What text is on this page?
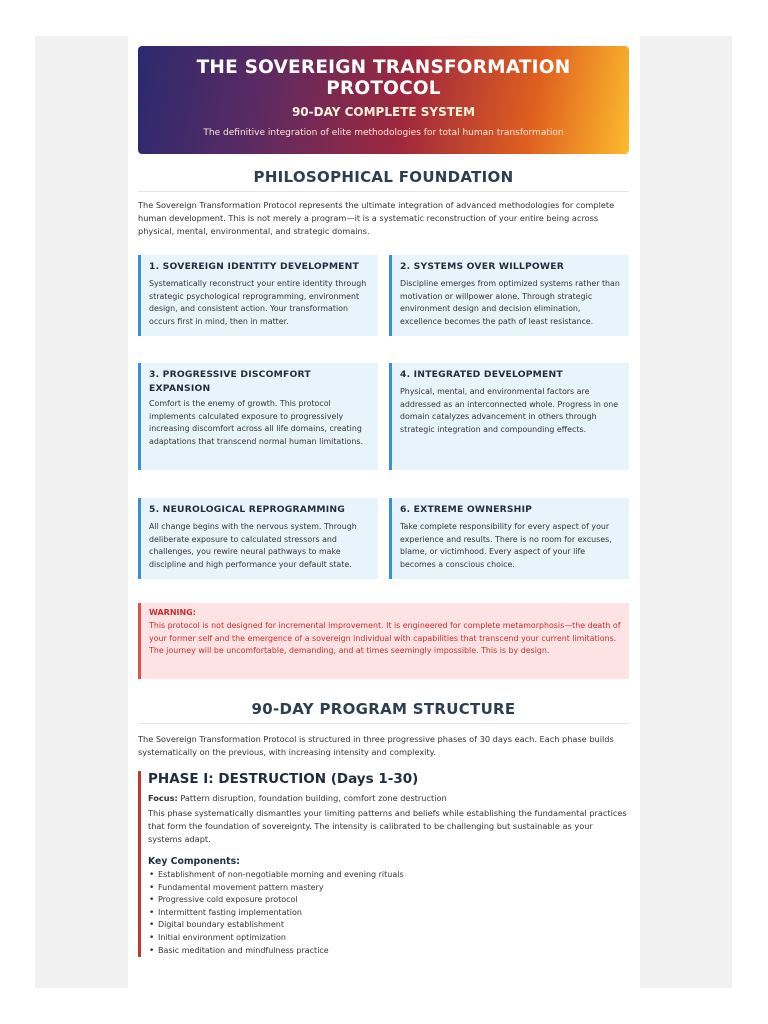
THE SOVEREIGN TRANSFORMATION PROTOCOL
90-DAY COMPLETE SYSTEM

The definitive integration of elite methodologies for total human transformation

PHILOSOPHICAL FOUNDATION

The Sovereign Transformation Protocol represents the ultimate integration of advanced methodologies for complete human development. This is not merely a program—it is a systematic reconstruction of your entire being across physical, mental, environmental, and strategic domains.

1. SOVEREIGN IDENTITY DEVELOPMENT

Systematically reconstruct your entire identity through strategic psychological reprogramming, environment design, and consistent action. Your transformation occurs first in mind, then in matter.

2. SYSTEMS OVER WILLPOWER

Discipline emerges from optimized systems rather than motivation or willpower alone. Through strategic environment design and decision elimination, excellence becomes the path of least resistance.

3. PROGRESSIVE DISCOMFORT EXPANSION

Comfort is the enemy of growth. This protocol implements calculated exposure to progressively increasing discomfort across all life domains, creating adaptations that transcend normal human limitations.

4. INTEGRATED DEVELOPMENT

Physical, mental, and environmental factors are addressed as an interconnected whole. Progress in one domain catalyzes advancement in others through strategic integration and compounding effects.

5. NEUROLOGICAL REPROGRAMMING

All change begins with the nervous system. Through deliberate exposure to calculated stressors and challenges, you rewire neural pathways to make discipline and high performance your default state.

6. EXTREME OWNERSHIP

Take complete responsibility for every aspect of your experience and results. There is no room for excuses, blame, or victimhood. Every aspect of your life becomes a conscious choice.

WARNING:

This protocol is not designed for incremental improvement. It is engineered for complete metamorphosis—the death of your former self and the emergence of a sovereign individual with capabilities that transcend your current limitations. The journey will be uncomfortable, demanding, and at times seemingly impossible. This is by design.

90-DAY PROGRAM STRUCTURE

The Sovereign Transformation Protocol is structured in three progressive phases of 30 days each. Each phase builds systematically on the previous, with increasing intensity and complexity.

PHASE I: DESTRUCTION (Days 1-30)

Focus: Pattern disruption, foundation building, comfort zone destruction

This phase systematically dismantles your limiting patterns and beliefs while establishing the fundamental practices that form the foundation of sovereignty. The intensity is calibrated to be challenging but sustainable as your systems adapt.

Key Components:
• Establishment of non-negotiable morning and evening rituals
• Fundamental movement pattern mastery
• Progressive cold exposure protocol
• Intermittent fasting implementation
• Digital boundary establishment
• Initial environment optimization
• Basic meditation and mindfulness practice
